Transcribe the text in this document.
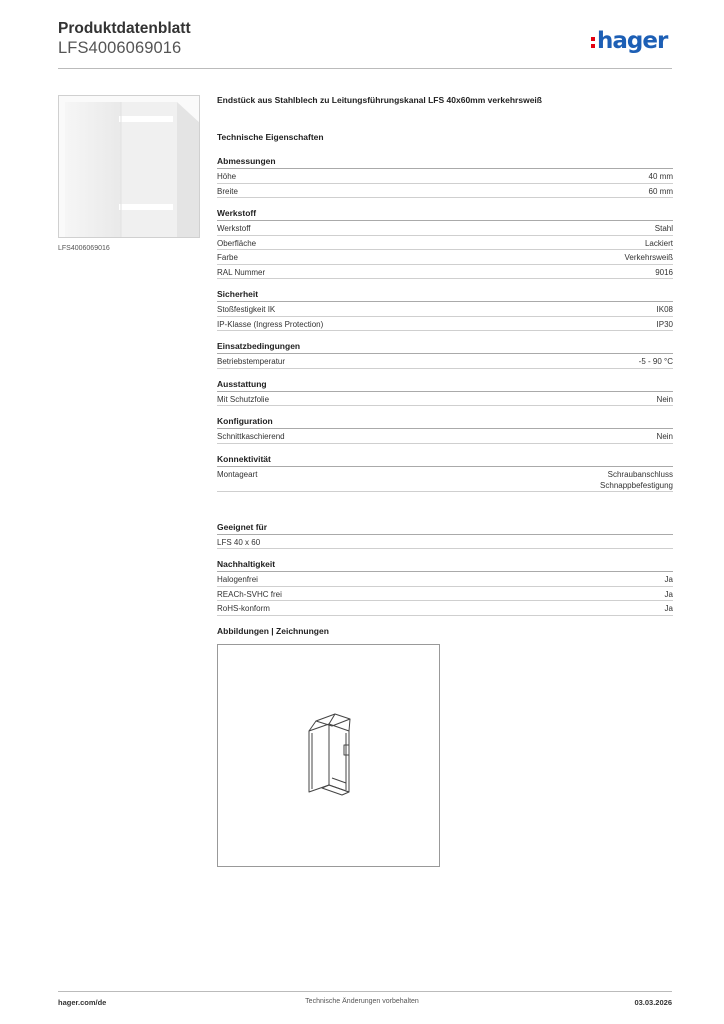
Produktdatenblatt
LFS4006069016	hager
LFS4006069016
Endstück aus Stahlblech zu Leitungsführungskanal LFS 40x60mm verkehrsweiß
Technische Eigenschaften
Abmessungen
Höhe	40 mm
Breite	60 mm
Werkstoff
Werkstoff	Stahl
Oberfläche	Lackiert
Farbe	Verkehrsweiß
RAL Nummer	9016
Sicherheit
Stoßfestigkeit IK	IK08
IP-Klasse (Ingress Protection)	IP30
Einsatzbedingungen
Betriebstemperatur	-5 - 90 °C
Ausstattung
Mit Schutzfolie	Nein
Konfiguration
Schnittkaschierend	Nein
Konnektivität
Montageart	Schraubanschluss
Schnappbefestigung
Geeignet für
LFS 40 x 60
Nachhaltigkeit
Halogenfrei	Ja
REACh-SVHC frei	Ja
RoHS-konform	Ja
Abbildungen | Zeichnungen
hager.com/de	Technische Änderungen vorbehalten	03.03.2026
